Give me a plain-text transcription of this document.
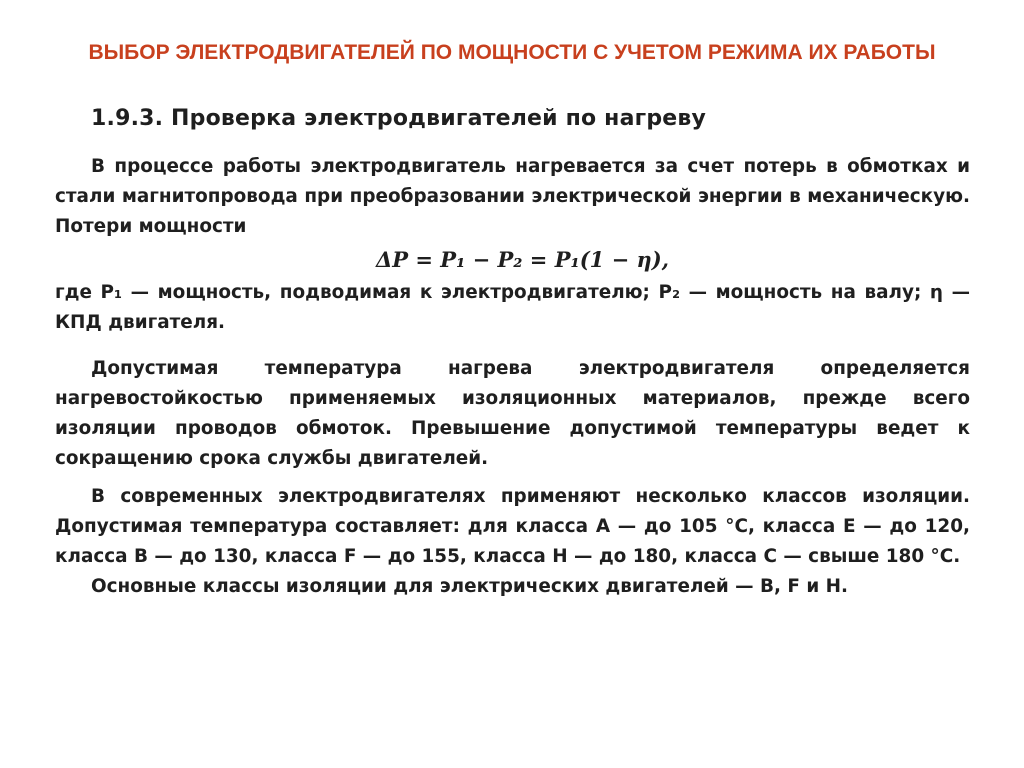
ВЫБОР ЭЛЕКТРОДВИГАТЕЛЕЙ ПО МОЩНОСТИ С УЧЕТОМ РЕЖИМА ИХ РАБОТЫ
1.9.3. Проверка электродвигателей по нагреву

В процессе работы электродвигатель нагревается за счет потерь в обмотках и стали магнитопровода при преобразовании электрической энергии в механическую. Потери мощности

ΔP = P₁ − P₂ = P₁(1 − η),

где P₁ — мощность, подводимая к электродвигателю; P₂ — мощность на валу; η — КПД двигателя.

Допустимая температура нагрева электродвигателя определяется нагревостойкостью применяемых изоляционных материалов, прежде всего изоляции проводов обмоток. Превышение допустимой температуры ведет к сокращению срока службы двигателей.

В современных электродвигателях применяют несколько классов изоляции. Допустимая температура составляет: для класса А — до 105 °С, класса Е — до 120, класса В — до 130, класса F — до 155, класса Н — до 180, класса С — свыше 180 °С.

Основные классы изоляции для электрических двигателей — В, F и Н.
